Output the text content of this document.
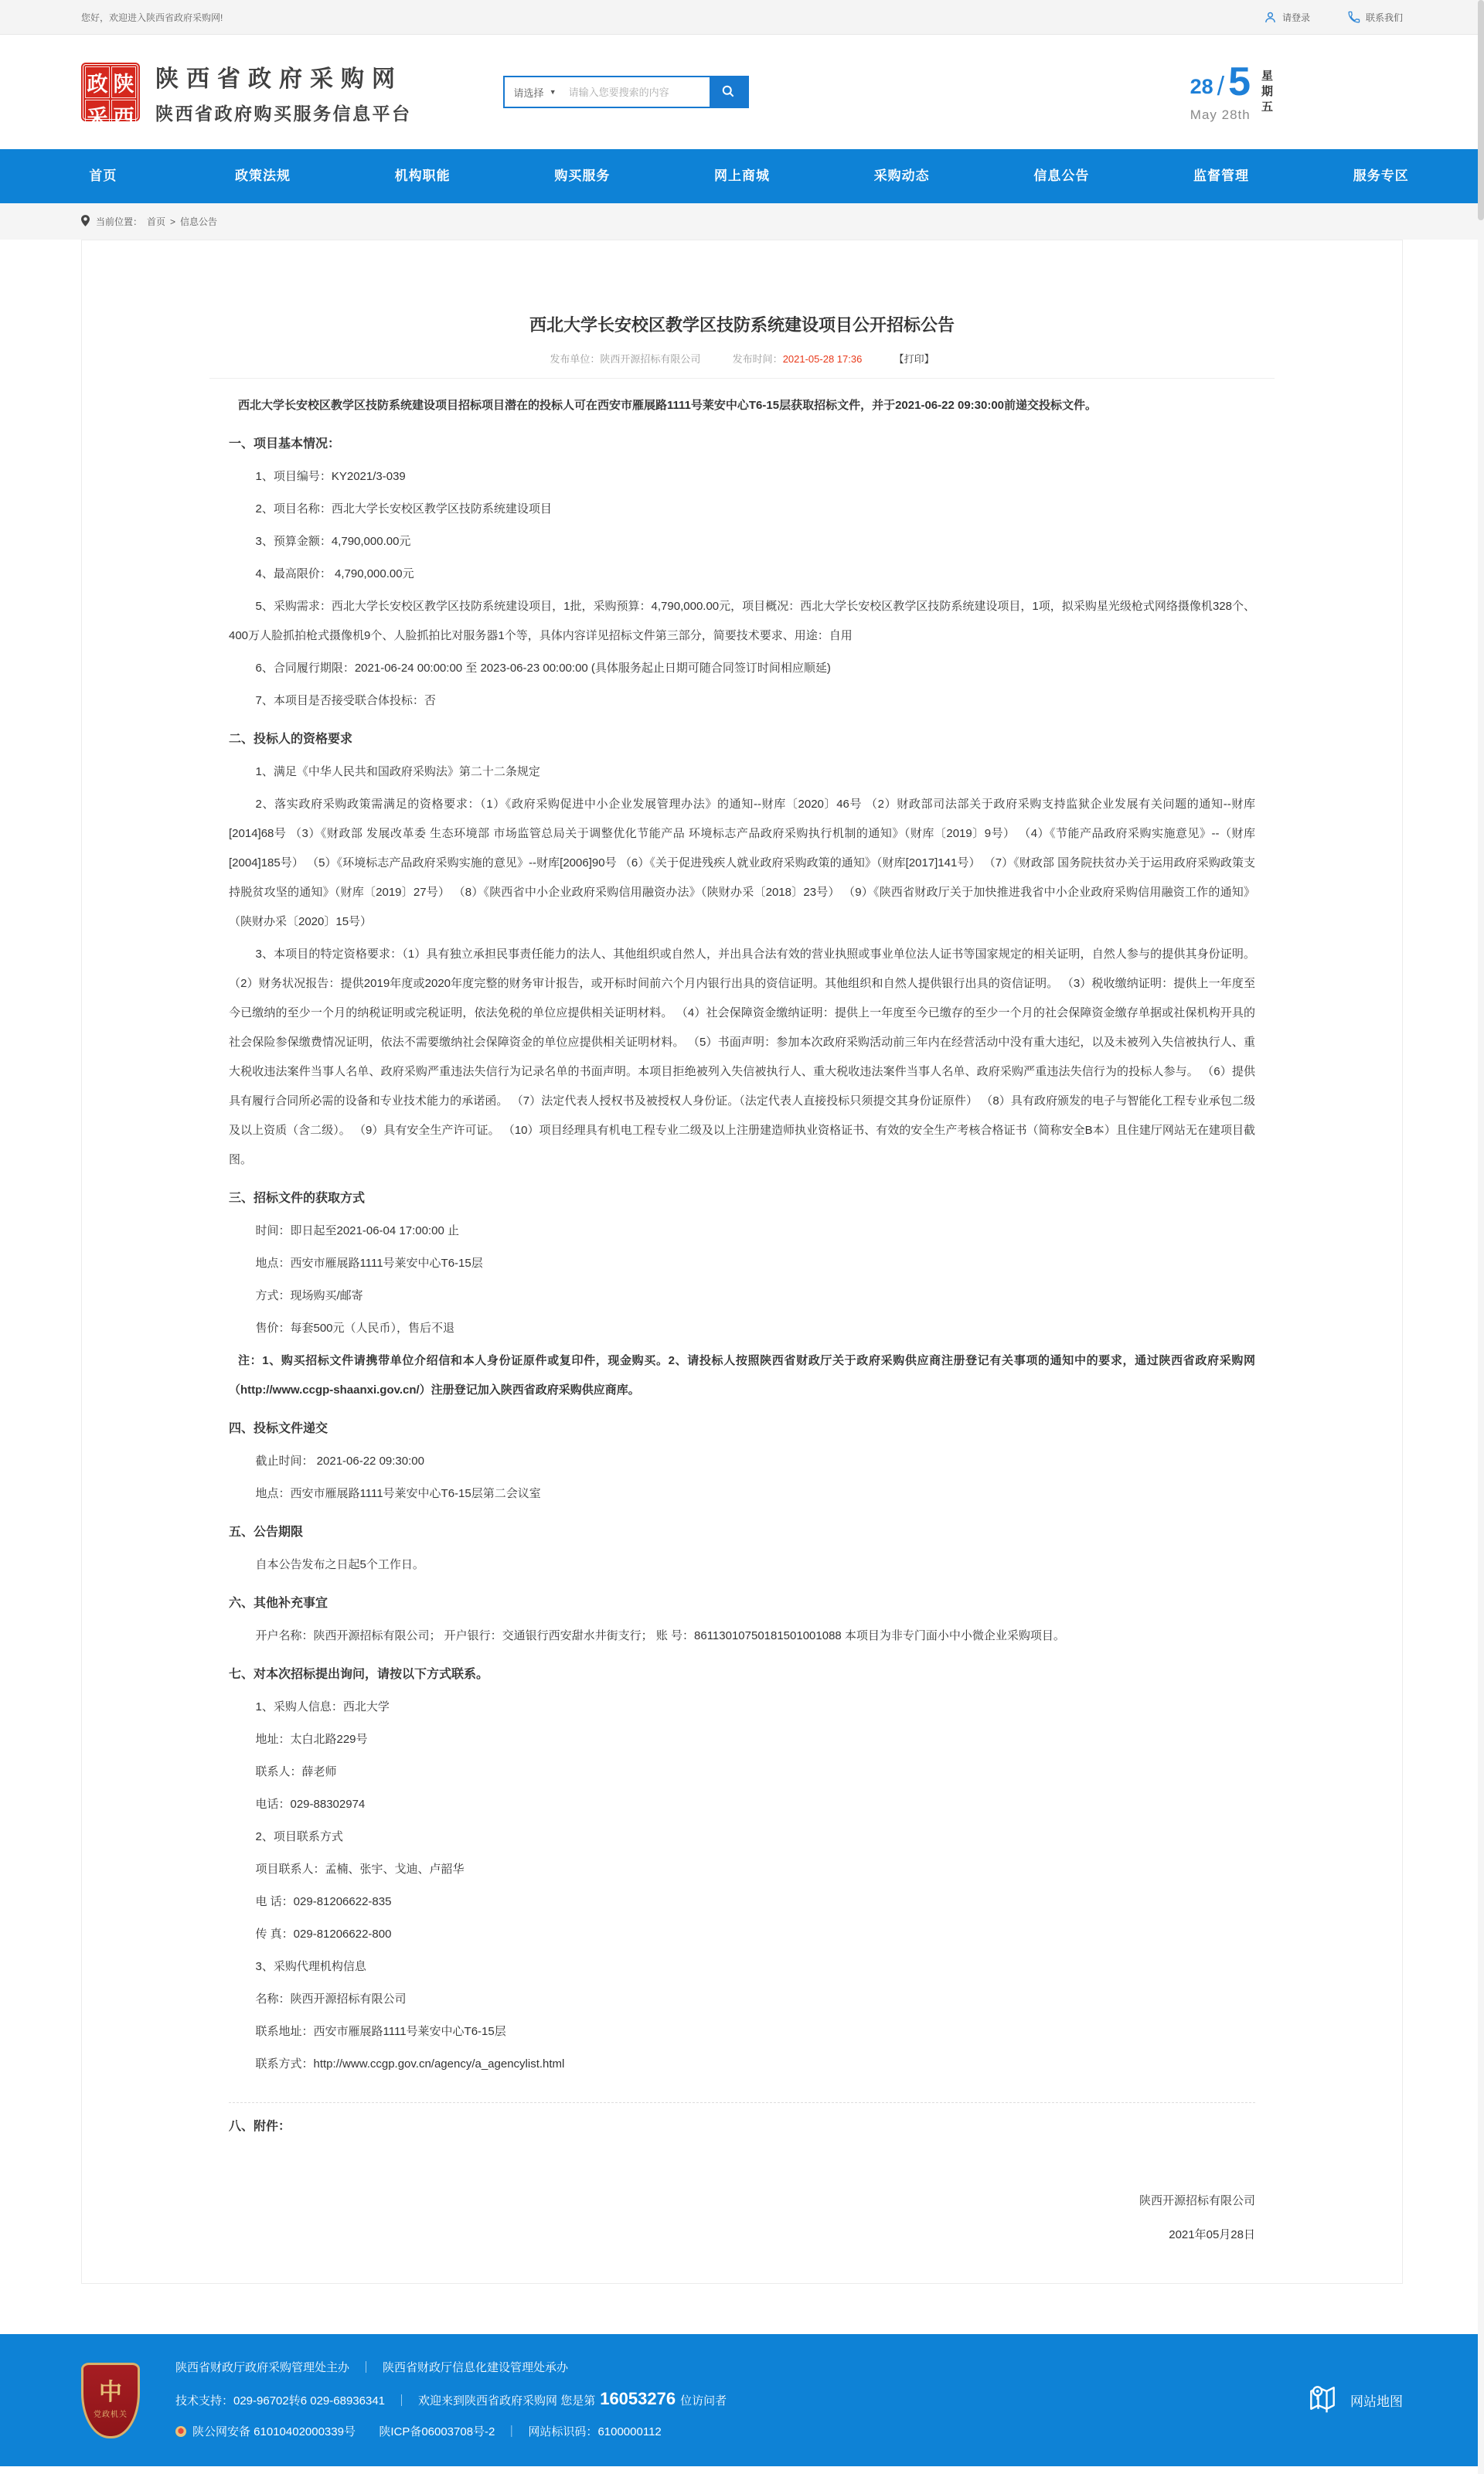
您好，欢迎进入陕西省政府采购网!	请登录	联系我们
政 陕
采 西
陕西省政府采购网
陕西省政府购买服务信息平台
请选择 ▼
请输入您要搜索的内容	28 / 5
May 28th
星
期
五
首页	政策法规	机构职能	购买服务	网上商城	采购动态	信息公告	监督管理	服务专区
当前位置： 首页 > 信息公告
西北大学长安校区教学区技防系统建设项目公开招标公告
发布单位：陕西开源招标有限公司	发布时间：2021-05-28 17:36	【打印】

西北大学长安校区教学区技防系统建设项目招标项目潜在的投标人可在西安市雁展路1111号莱安中心T6-15层获取招标文件，并于2021-06-22 09:30:00前递交投标文件。

一、项目基本情况：

1、项目编号：KY2021/3-039

2、项目名称：西北大学长安校区教学区技防系统建设项目

3、预算金额：4,790,000.00元

4、最高限价： 4,790,000.00元

5、采购需求：西北大学长安校区教学区技防系统建设项目，1批，采购预算：4,790,000.00元，项目概况：西北大学长安校区教学区技防系统建设项目，1项，拟采购星光级枪式网络摄像机328个、400万人脸抓拍枪式摄像机9个、人脸抓拍比对服务器1个等，具体内容详见招标文件第三部分，简要技术要求、用途：自用

6、合同履行期限：2021-06-24 00:00:00 至 2023-06-23 00:00:00 (具体服务起止日期可随合同签订时间相应顺延)

7、本项目是否接受联合体投标：否

二、投标人的资格要求

1、满足《中华人民共和国政府采购法》第二十二条规定

2、落实政府采购政策需满足的资格要求：（1）《政府采购促进中小企业发展管理办法》的通知--财库〔2020〕46号 （2）财政部司法部关于政府采购支持监狱企业发展有关问题的通知--财库[2014]68号 （3）《财政部 发展改革委 生态环境部 市场监管总局关于调整优化节能产品 环境标志产品政府采购执行机制的通知》（财库〔2019〕9号） （4）《节能产品政府采购实施意见》--（财库[2004]185号） （5）《环境标志产品政府采购实施的意见》--财库[2006]90号 （6）《关于促进残疾人就业政府采购政策的通知》（财库[2017]141号） （7）《财政部 国务院扶贫办关于运用政府采购政策支持脱贫攻坚的通知》（财库〔2019〕27号） （8）《陕西省中小企业政府采购信用融资办法》（陕财办采〔2018〕23号） （9）《陕西省财政厅关于加快推进我省中小企业政府采购信用融资工作的通知》（陕财办采〔2020〕15号）

3、本项目的特定资格要求：（1）具有独立承担民事责任能力的法人、其他组织或自然人，并出具合法有效的营业执照或事业单位法人证书等国家规定的相关证明，自然人参与的提供其身份证明。 （2）财务状况报告：提供2019年度或2020年度完整的财务审计报告，或开标时间前六个月内银行出具的资信证明。其他组织和自然人提供银行出具的资信证明。 （3）税收缴纳证明：提供上一年度至今已缴纳的至少一个月的纳税证明或完税证明，依法免税的单位应提供相关证明材料。 （4）社会保障资金缴纳证明：提供上一年度至今已缴存的至少一个月的社会保障资金缴存单据或社保机构开具的社会保险参保缴费情况证明，依法不需要缴纳社会保障资金的单位应提供相关证明材料。 （5）书面声明：参加本次政府采购活动前三年内在经营活动中没有重大违纪，以及未被列入失信被执行人、重大税收违法案件当事人名单、政府采购严重违法失信行为记录名单的书面声明。本项目拒绝被列入失信被执行人、重大税收违法案件当事人名单、政府采购严重违法失信行为的投标人参与。 （6）提供具有履行合同所必需的设备和专业技术能力的承诺函。 （7）法定代表人授权书及被授权人身份证。（法定代表人直接投标只须提交其身份证原件） （8）具有政府颁发的电子与智能化工程专业承包二级及以上资质（含二级）。 （9）具有安全生产许可证。 （10）项目经理具有机电工程专业二级及以上注册建造师执业资格证书、有效的安全生产考核合格证书（简称安全B本）且住建厅网站无在建项目截图。

三、招标文件的获取方式

时间：即日起至2021-06-04 17:00:00 止

地点：西安市雁展路1111号莱安中心T6-15层

方式：现场购买/邮寄

售价：每套500元（人民币），售后不退

注：1、购买招标文件请携带单位介绍信和本人身份证原件或复印件，现金购买。2、请投标人按照陕西省财政厅关于政府采购供应商注册登记有关事项的通知中的要求，通过陕西省政府采购网（http://www.ccgp-shaanxi.gov.cn/）注册登记加入陕西省政府采购供应商库。

四、投标文件递交

截止时间： 2021-06-22 09:30:00

地点：西安市雁展路1111号莱安中心T6-15层第二会议室

五、公告期限

自本公告发布之日起5个工作日。

六、其他补充事宜

开户名称：陕西开源招标有限公司； 开户银行：交通银行西安甜水井街支行； 账 号：86113010750181501001088 本项目为非专门面小中小微企业采购项目。

七、对本次招标提出询问，请按以下方式联系。

1、采购人信息：西北大学

地址：太白北路229号

联系人：薛老师

电话：029-88302974

2、项目联系方式

项目联系人：孟楠、张宇、戈迪、卢韶华

电 话：029-81206622-835

传 真：029-81206622-800

3、采购代理机构信息

名称：陕西开源招标有限公司

联系地址：西安市雁展路1111号莱安中心T6-15层

联系方式：http://www.ccgp.gov.cn/agency/a_agencylist.html

八、附件：
陕西开源招标有限公司
2021年05月28日
中
党政机关
陕西省财政厅政府采购管理处主办 ｜ 陕西省财政厅信息化建设管理处承办
技术支持：029-96702转6 029-68936341 ｜ 欢迎来到陕西省政府采购网 您是第 16053276 位访问者
陕公网安备 61010402000339号 陕ICP备06003708号-2 ｜ 网站标识码：6100000112
网站地图
